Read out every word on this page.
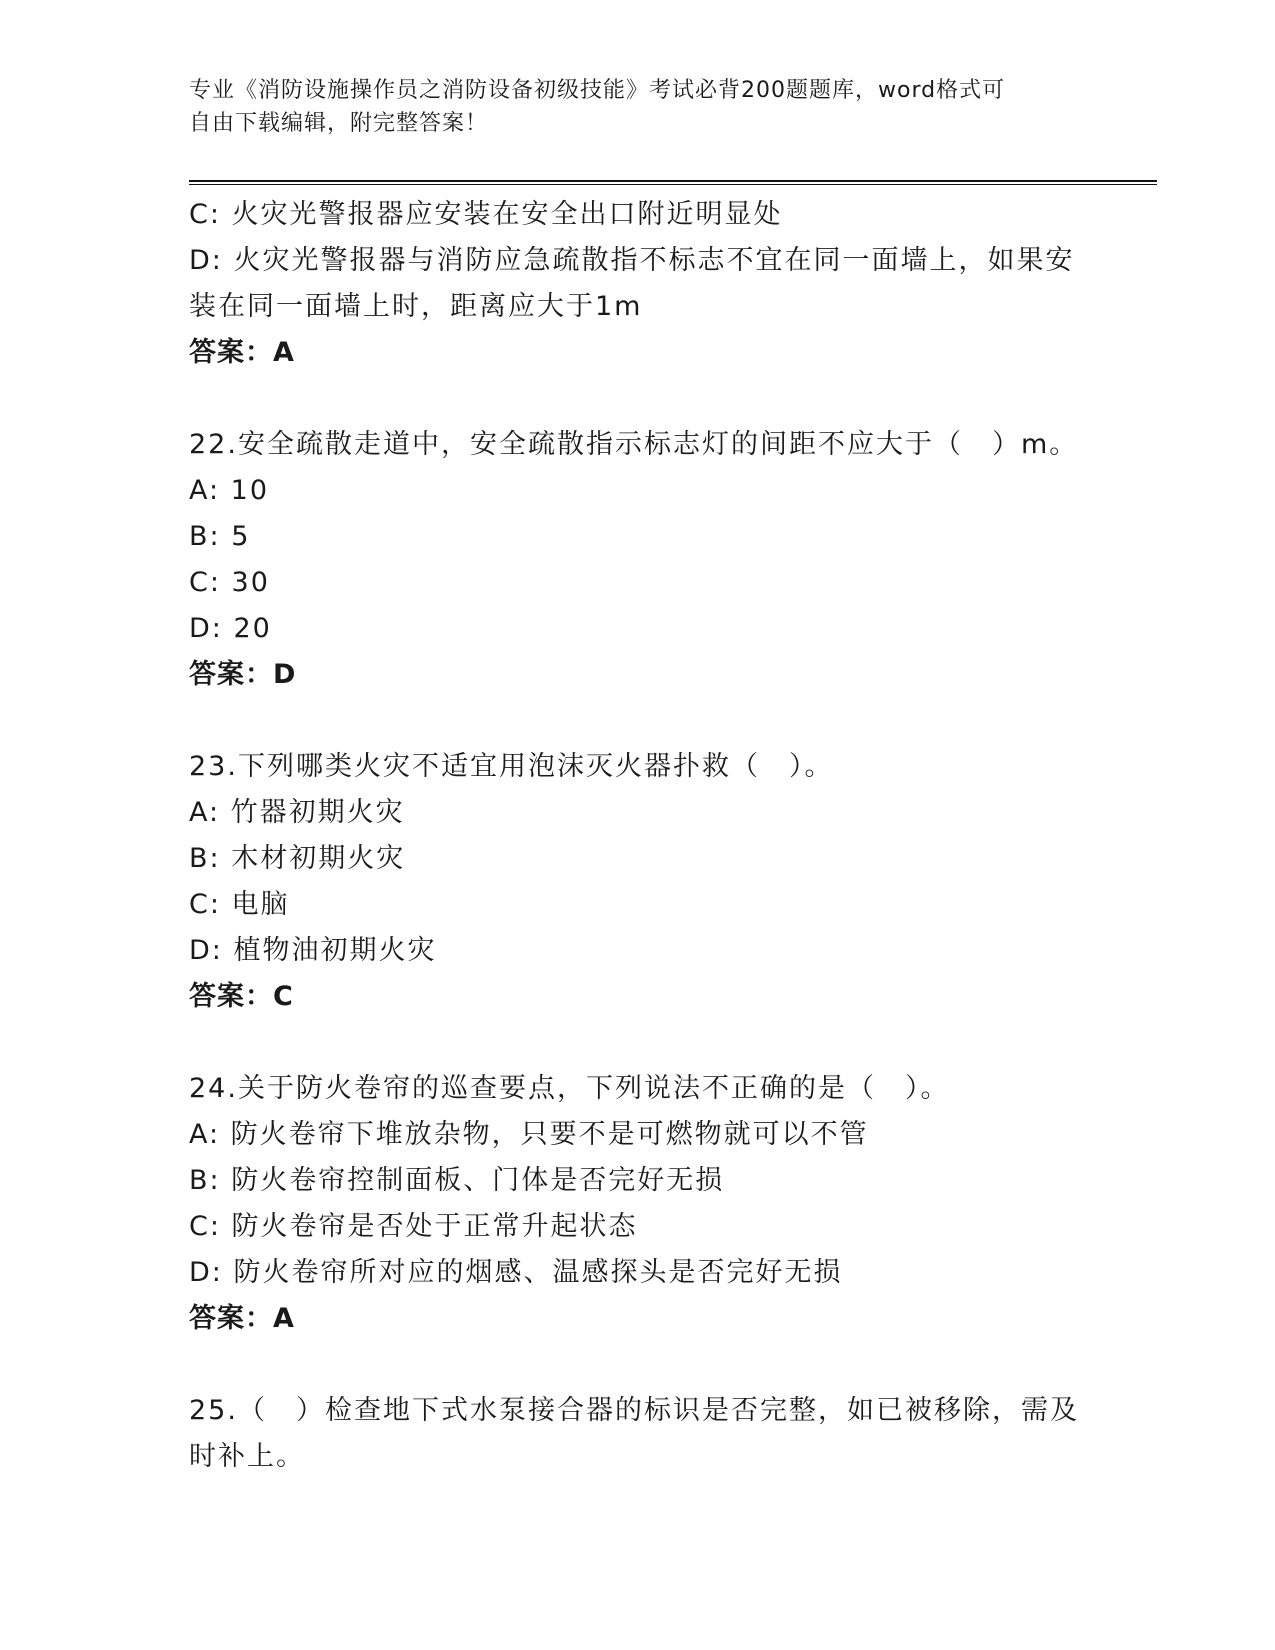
专业《消防设施操作员之消防设备初级技能》考试必背200题题库，word格式可
自由下载编辑，附完整答案！
C: 火灾光警报器应安装在安全出口附近明显处
D: 火灾光警报器与消防应急疏散指不标志不宜在同一面墙上，如果安
装在同一面墙上时，距离应大于1m
答案：A
22.安全疏散走道中，安全疏散指示标志灯的间距不应大于（　）m。
A: 10
B: 5
C: 30
D: 20
答案：D
23.下列哪类火灾不适宜用泡沫灭火器扑救（　）。
A: 竹器初期火灾
B: 木材初期火灾
C: 电脑
D: 植物油初期火灾
答案：C
24.关于防火卷帘的巡查要点，下列说法不正确的是（　）。
A: 防火卷帘下堆放杂物，只要不是可燃物就可以不管
B: 防火卷帘控制面板、门体是否完好无损
C: 防火卷帘是否处于正常升起状态
D: 防火卷帘所对应的烟感、温感探头是否完好无损
答案：A
25.（　）检查地下式水泵接合器的标识是否完整，如已被移除，需及
时补上。
